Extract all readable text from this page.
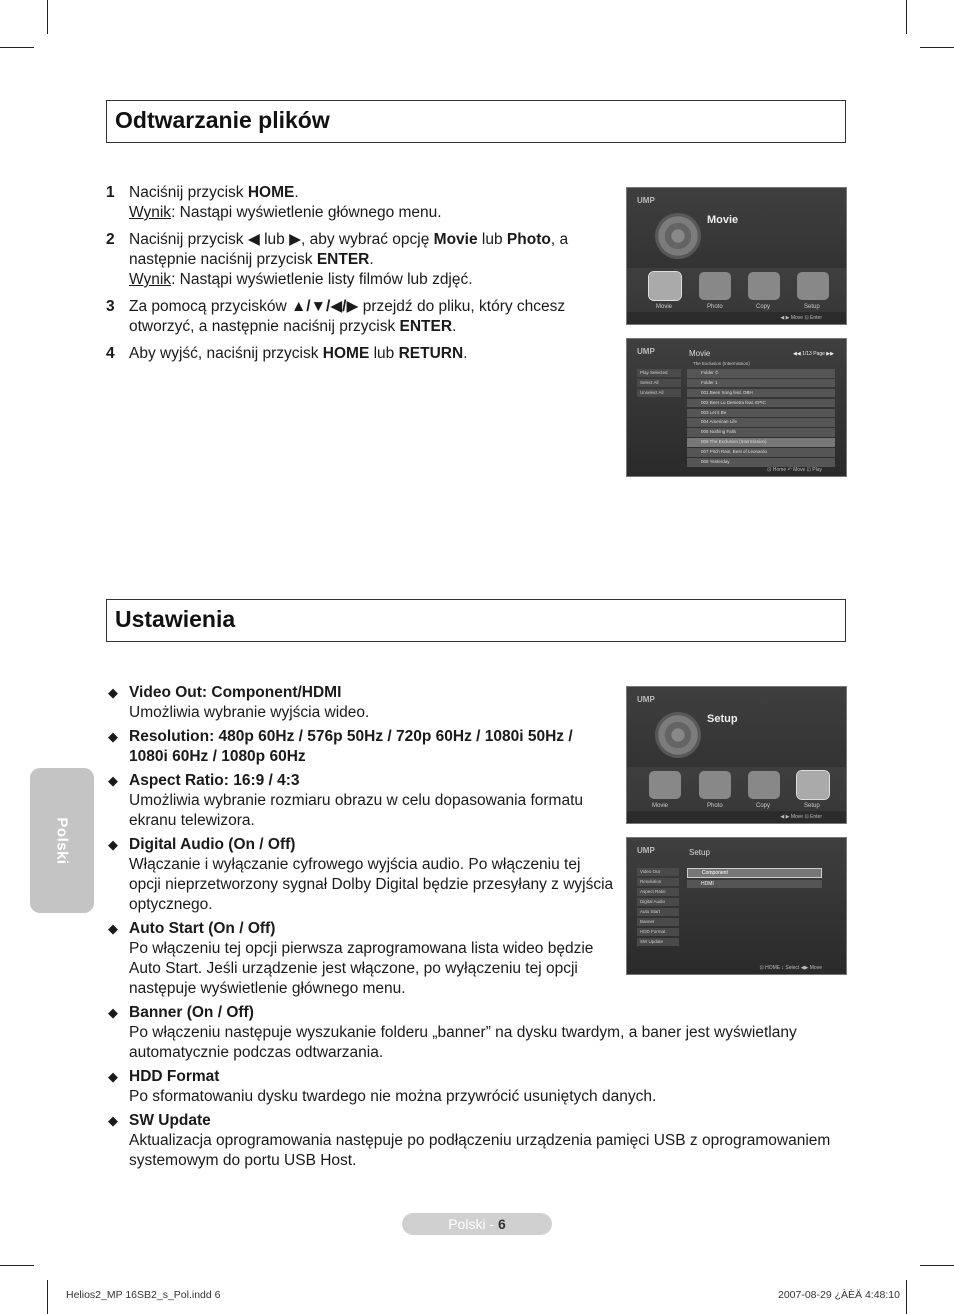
Odtwarzanie plików
1 Naciśnij przycisk HOME.
Wynik: Nastąpi wyświetlenie głównego menu.
2 Naciśnij przycisk ◀ lub ▶, aby wybrać opcję Movie lub Photo, a następnie naciśnij przycisk ENTER.
Wynik: Nastąpi wyświetlenie listy filmów lub zdjęć.
3 Za pomocą przycisków ▲/▼/◀/▶ przejdź do pliku, który chcesz otworzyć, a następnie naciśnij przycisk ENTER.
4 Aby wyjść, naciśnij przycisk HOME lub RETURN.
UMP
Movie
Movie	Photo	Copy	Setup
◀ ▶ Move ⊡ Enter
UMP	Movie	◀◀ 1/13 Page ▶▶
The Exclusion (Intermission)
Play Selected
Select All
Unselect All
Folder ©
Folder 1
001 Been Song feat. DBH
002 Beer Lo Demetra feat. EPIC
003 Let it Be
004 American Life
005 Nothing Falls
006 The Exclusion (Intermission)
007 Pitch Rain, Best of Leonardo
008 Yesterday
⊡ Home ↶ Move ⊡ Play
Ustawienia
◆ Video Out: Component/HDMI
Umożliwia wybranie wyjścia wideo.
◆ Resolution: 480p 60Hz / 576p 50Hz / 720p 60Hz / 1080i 50Hz / 1080i 60Hz / 1080p 60Hz
◆ Aspect Ratio: 16:9 / 4:3
Umożliwia wybranie rozmiaru obrazu w celu dopasowania formatu ekranu telewizora.
◆ Digital Audio (On / Off)
Włączanie i wyłączanie cyfrowego wyjścia audio. Po włączeniu tej opcji nieprzetworzony sygnał Dolby Digital będzie przesyłany z wyjścia optycznego.
◆ Auto Start (On / Off)
Po włączeniu tej opcji pierwsza zaprogramowana lista wideo będzie Auto Start. Jeśli urządzenie jest włączone, po wyłączeniu tej opcji następuje wyświetlenie głównego menu.
◆ Banner (On / Off)
Po włączeniu następuje wyszukanie folderu „banner” na dysku twardym, a baner jest wyświetlany automatycznie podczas odtwarzania.
◆ HDD Format
Po sformatowaniu dysku twardego nie można przywrócić usuniętych danych.
◆ SW Update
Aktualizacja oprogramowania następuje po podłączeniu urządzenia pamięci USB z oprogramowaniem systemowym do portu USB Host.
UMP
Setup
Movie	Photo	Copy	Setup
◀ ▶ Move ⊡ Enter
UMP	Setup
Video Out
Resolution
Aspect Ratio
Digital Audio
Auto Start
Banner
HDD Format
SW Update
Component
HDMI
⊡ HOME ↕ Select ◀▶ Move
Polski
Polski - 6
Helios2_MP 16SB2_s_Pol.indd 6	2007-08-29 ¿ÀÈÄ 4:48:10
